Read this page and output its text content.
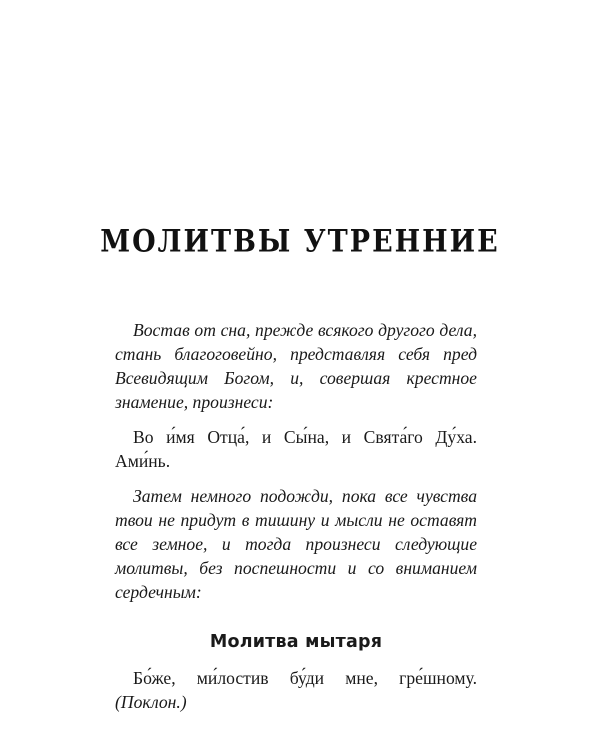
МОЛИТВЫ УТРЕННИЕ

Востав от сна, прежде всякого другого дела, стань благоговейно, представляя себя пред Всевидящим Богом, и, совершая крестное знамение, произнеси:

Во и́мя Отца́, и Сы́на, и Свята́го Ду́ха. Ами́нь.

Затем немного подожди, пока все чувства твои не придут в тишину и мысли не оставят все земное, и тогда произнеси следующие молитвы, без поспешности и со вниманием сердечным:

Молитва мытаря

Бо́же, ми́лостив бу́ди мне, гре́шному. (Поклон.)
